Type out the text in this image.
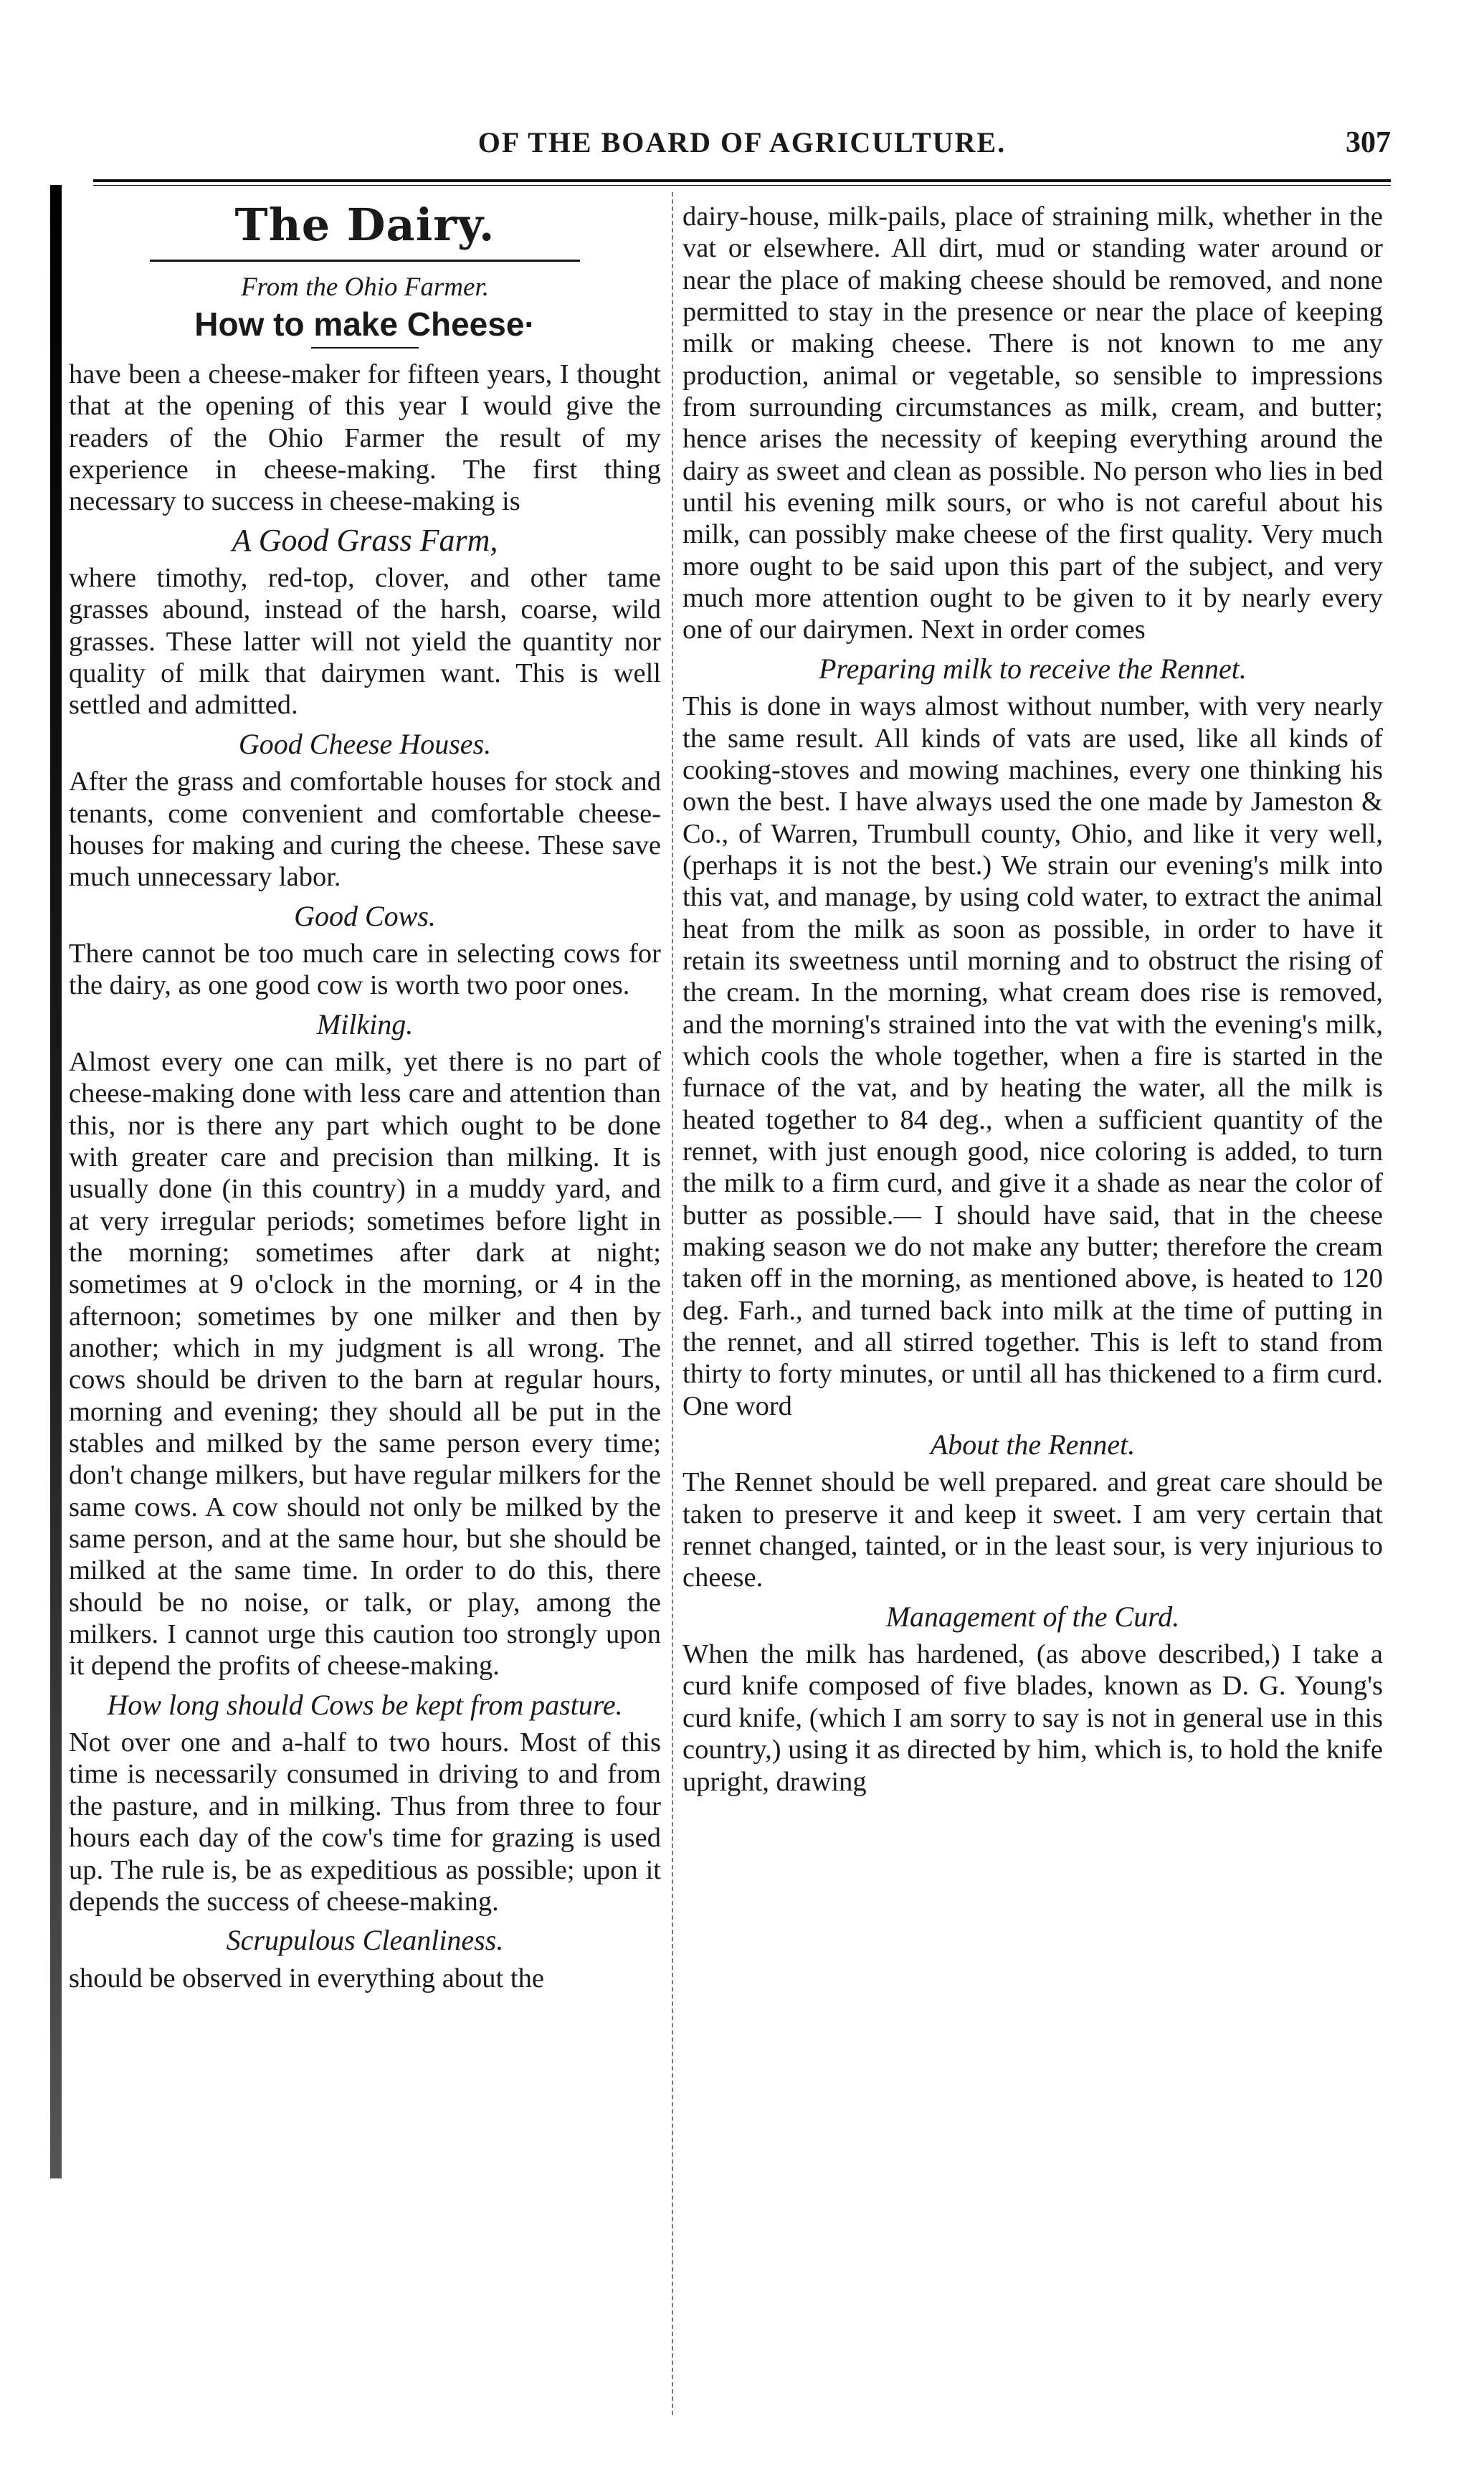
OF THE BOARD OF AGRICULTURE.	307
The Dairy.
From the Ohio Farmer.
How to make Cheese·

have been a cheese-maker for fifteen years, I thought that at the opening of this year I would give the readers of the Ohio Farmer the result of my experience in cheese-making. The first thing necessary to success in cheese-making is

A Good Grass Farm,

where timothy, red-top, clover, and other tame grasses abound, instead of the harsh, coarse, wild grasses. These latter will not yield the quantity nor quality of milk that dairymen want. This is well settled and admitted.

Good Cheese Houses.

After the grass and comfortable houses for stock and tenants, come convenient and comfortable cheese-houses for making and curing the cheese. These save much unnecessary labor.

Good Cows.

There cannot be too much care in selecting cows for the dairy, as one good cow is worth two poor ones.

Milking.

Almost every one can milk, yet there is no part of cheese-making done with less care and attention than this, nor is there any part which ought to be done with greater care and precision than milking. It is usually done (in this country) in a muddy yard, and at very irregular periods; sometimes before light in the morning; sometimes after dark at night; sometimes at 9 o'clock in the morning, or 4 in the afternoon; sometimes by one milker and then by another; which in my judgment is all wrong. The cows should be driven to the barn at regular hours, morning and evening; they should all be put in the stables and milked by the same person every time; don't change milkers, but have regular milkers for the same cows. A cow should not only be milked by the same person, and at the same hour, but she should be milked at the same time. In order to do this, there should be no noise, or talk, or play, among the milkers. I cannot urge this caution too strongly upon it depend the profits of cheese-making.

How long should Cows be kept from pasture.

Not over one and a-half to two hours. Most of this time is necessarily consumed in driving to and from the pasture, and in milking. Thus from three to four hours each day of the cow's time for grazing is used up. The rule is, be as expeditious as possible; upon it depends the success of cheese-making.

Scrupulous Cleanliness.

should be observed in everything about the

dairy-house, milk-pails, place of straining milk, whether in the vat or elsewhere. All dirt, mud or standing water around or near the place of making cheese should be removed, and none permitted to stay in the presence or near the place of keeping milk or making cheese. There is not known to me any production, animal or vegetable, so sensible to impressions from surrounding circumstances as milk, cream, and butter; hence arises the necessity of keeping everything around the dairy as sweet and clean as possible. No person who lies in bed until his evening milk sours, or who is not careful about his milk, can possibly make cheese of the first quality. Very much more ought to be said upon this part of the subject, and very much more attention ought to be given to it by nearly every one of our dairymen. Next in order comes

Preparing milk to receive the Rennet.

This is done in ways almost without number, with very nearly the same result. All kinds of vats are used, like all kinds of cooking-stoves and mowing machines, every one thinking his own the best. I have always used the one made by Jameston & Co., of Warren, Trumbull county, Ohio, and like it very well, (perhaps it is not the best.) We strain our evening's milk into this vat, and manage, by using cold water, to extract the animal heat from the milk as soon as possible, in order to have it retain its sweetness until morning and to obstruct the rising of the cream. In the morning, what cream does rise is removed, and the morning's strained into the vat with the evening's milk, which cools the whole together, when a fire is started in the furnace of the vat, and by heating the water, all the milk is heated together to 84 deg., when a sufficient quantity of the rennet, with just enough good, nice coloring is added, to turn the milk to a firm curd, and give it a shade as near the color of butter as possible.— I should have said, that in the cheese making season we do not make any butter; therefore the cream taken off in the morning, as mentioned above, is heated to 120 deg. Farh., and turned back into milk at the time of putting in the rennet, and all stirred together. This is left to stand from thirty to forty minutes, or until all has thickened to a firm curd. One word

About the Rennet.

The Rennet should be well prepared. and great care should be taken to preserve it and keep it sweet. I am very certain that rennet changed, tainted, or in the least sour, is very injurious to cheese.

Management of the Curd.

When the milk has hardened, (as above described,) I take a curd knife composed of five blades, known as D. G. Young's curd knife, (which I am sorry to say is not in general use in this country,) using it as directed by him, which is, to hold the knife upright, drawing
